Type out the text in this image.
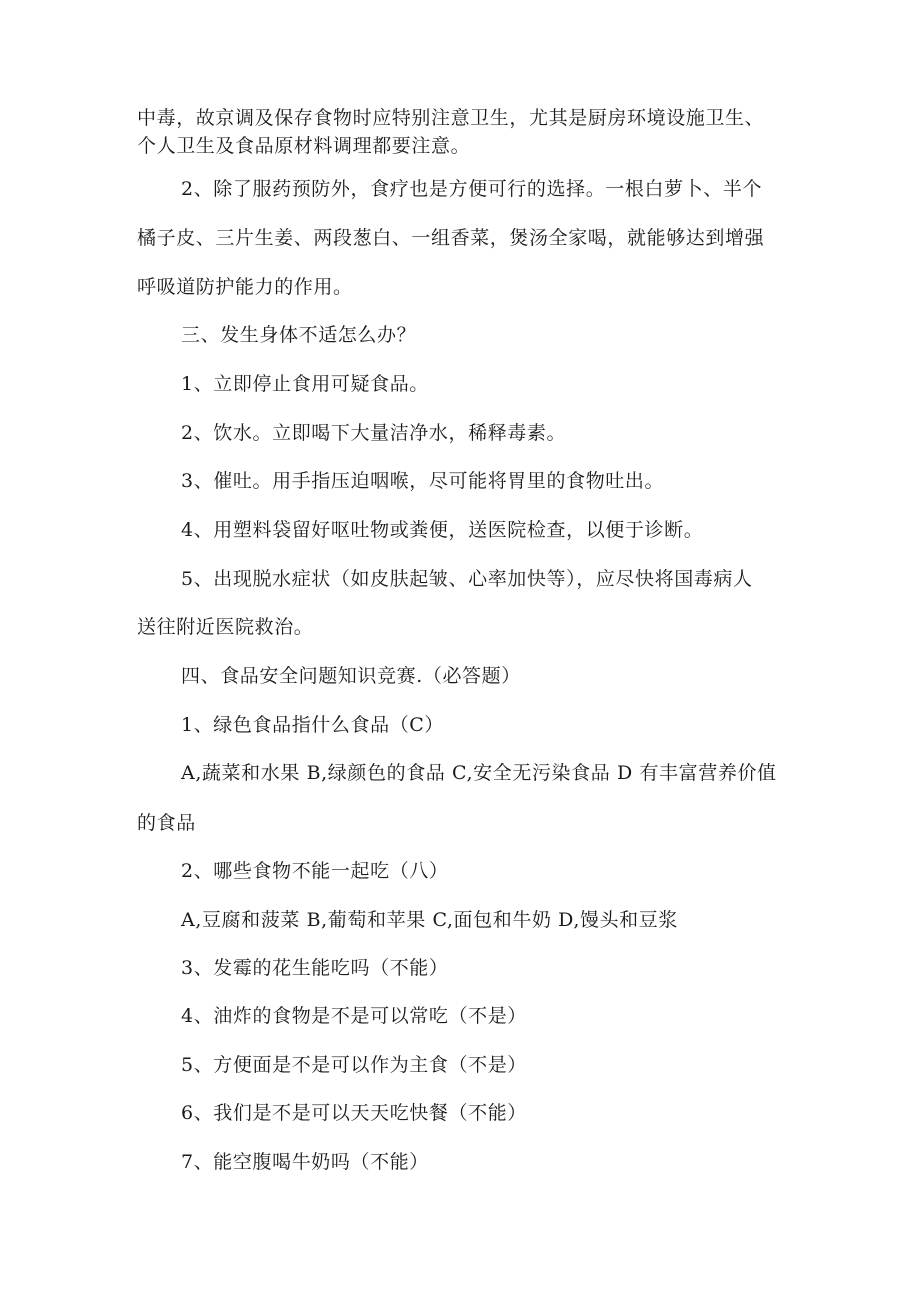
中毒，故京调及保存食物时应特别注意卫生，尤其是厨房环境设施卫生、
个人卫生及食品原材料调理都要注意。
2、除了服药预防外，食疗也是方便可行的选择。一根白萝卜、半个
橘子皮、三片生姜、两段葱白、一组香菜，煲汤全家喝，就能够达到增强
呼吸道防护能力的作用。
三、发生身体不适怎么办？
1、立即停止食用可疑食品。
2、饮水。立即喝下大量洁净水，稀释毒素。
3、催吐。用手指压迫咽喉，尽可能将胃里的食物吐出。
4、用塑料袋留好呕吐物或粪便，送医院检查，以便于诊断。
5、出现脱水症状（如皮肤起皱、心率加快等），应尽快将国毒病人
送往附近医院救治。
四、食品安全问题知识竞赛.（必答题）
1、绿色食品指什么食品（C）
A,蔬菜和水果 B,绿颜色的食品 C,安全无污染食品 D 有丰富营养价值
的食品
2、哪些食物不能一起吃（八）
A,豆腐和菠菜 B,葡萄和苹果 C,面包和牛奶 D,馒头和豆浆
3、发霉的花生能吃吗（不能）
4、油炸的食物是不是可以常吃（不是）
5、方便面是不是可以作为主食（不是）
6、我们是不是可以天天吃快餐（不能）
7、能空腹喝牛奶吗（不能）
